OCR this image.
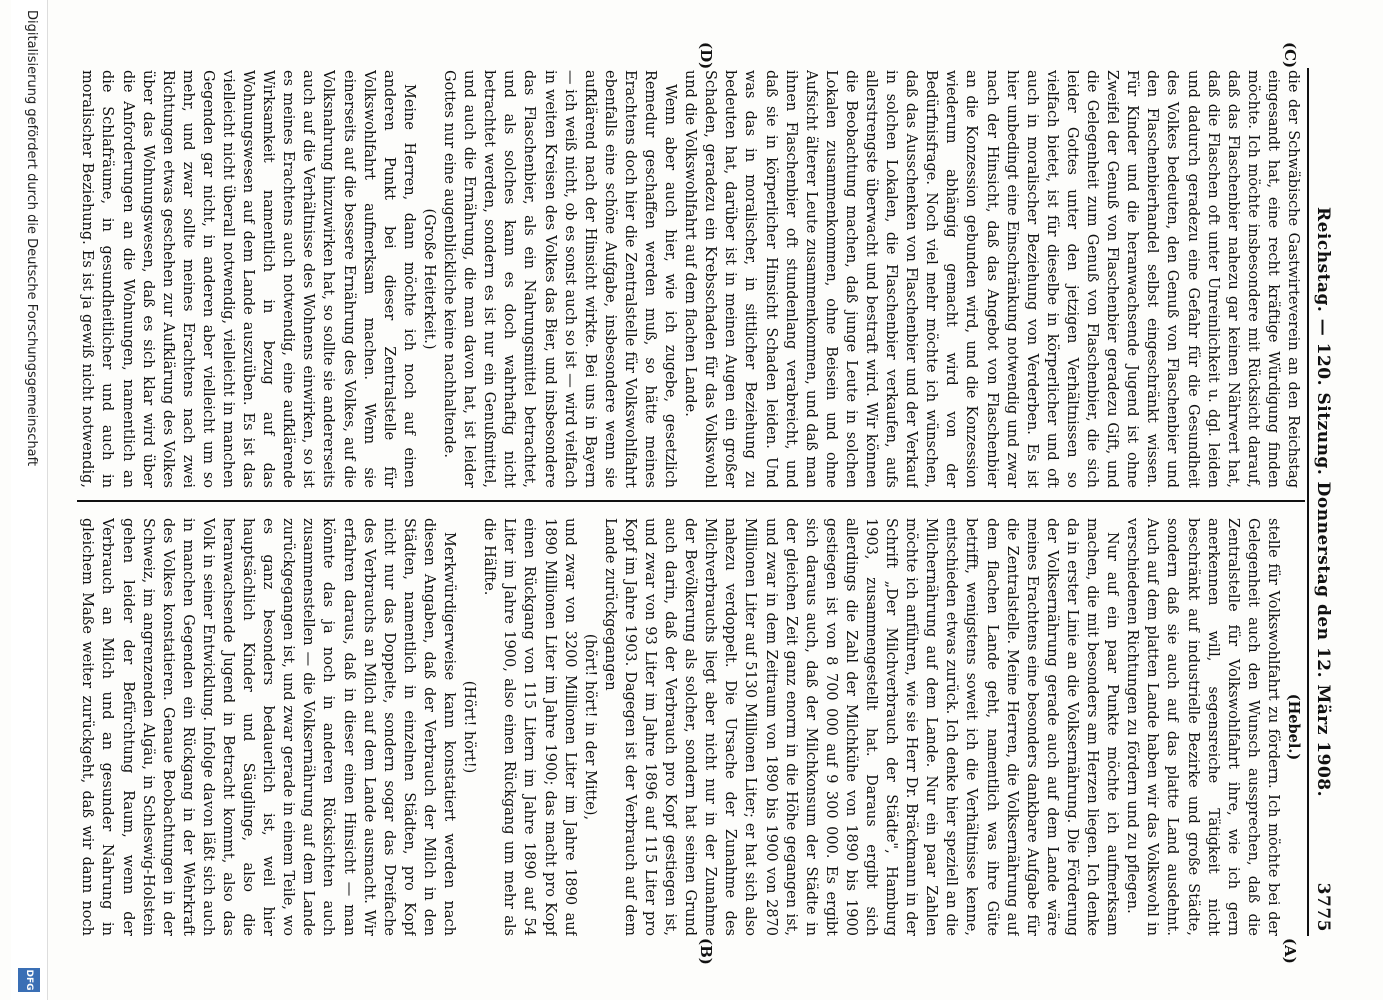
Reichstag. — 120. Sitzung. Donnerstag den 12. März 1908.
3775
(A)
(B)
(C)
(D)

(Hebel.)

stelle für Volkswohlfahrt zu fördern. Ich möchte bei der Gelegenheit auch den Wunsch aussprechen, daß die Zentralstelle für Volkswohlfahrt ihre, wie ich gern anerkennen will, segensreiche Tätigkeit nicht beschränkt auf industrielle Bezirke und große Städte, sondern daß sie auch auf das platte Land ausdehnt. Auch auf dem platten Lande haben wir das Volkswohl in verschiedenen Richtungen zu fördern und zu pflegen.

Nur auf ein paar Punkte möchte ich aufmerksam machen, die mit besonders am Herzen liegen. Ich denke da in erster Linie an die Volksernährung. Die Förderung der Volksernährung gerade auch auf dem Lande wäre meines Erachtens eine besonders dankbare Aufgabe für die Zentralstelle. Meine Herren, die Volksernährung auf dem flachen Lande geht, namentlich was ihre Güte betrifft, wenigstens soweit ich die Verhältnisse kenne, entschieden etwas zurück. Ich denke hier speziell an die Milchernährung auf dem Lande. Nur ein paar Zahlen möchte ich anführen, wie sie Herr Dr. Bräckmann in der Schrift „Der Milchverbrauch der Städte", Hamburg 1903, zusammengestellt hat. Daraus ergibt sich allerdings die Zahl der Milchkühe von 1890 bis 1900 gestiegen ist von 8 700 000 auf 9 300 000. Es ergibt sich daraus auch, daß der Milchkonsum der Städte in der gleichen Zeit ganz enorm in die Höhe gegangen ist, und zwar in dem Zeitraum von 1890 bis 1900 von 2870 Millionen Liter auf 5130 Millionen Liter; er hat sich also nahezu verdoppelt. Die Ursache der Zunahme des Milchverbrauchs liegt aber nicht nur in der Zunahme der Bevölkerung als solcher, sondern hat seinen Grund auch darin, daß der Verbrauch pro Kopf gestiegen ist, und zwar von 93 Liter im Jahre 1896 auf 115 Liter pro Kopf im Jahre 1903. Dagegen ist der Verbrauch auf dem Lande zurückgegangen

(hört! hört! in der Mitte),

und zwar von 3200 Millionen Liter im Jahre 1890 auf 1890 Millionen Liter im Jahre 1900; das macht pro Kopf einen Rückgang von 115 Litern im Jahre 1890 auf 54 Liter im Jahre 1900, also einen Rückgang um mehr als die Hälfte.

(Hört! hört!)

Merkwürdigerweise kann konstatiert werden nach diesen Angaben, daß der Verbrauch der Milch in den Städten, namentlich in einzelnen Städten, pro Kopf nicht nur das Doppelte, sondern sogar das Dreifache des Verbrauchs an Milch auf dem Lande ausmacht. Wir erfahren daraus, daß in dieser einen Hinsicht — man könnte das ja noch in anderen Rücksichten auch zusammenstellen — die Volksernährung auf dem Lande zurückgegangen ist, und zwar gerade in einem Teile, wo es ganz besonders bedauerlich ist, weil hier hauptsächlich Kinder und Säuglinge, also die heranwachsende Jugend in Betracht kommt, also das Volk in seiner Entwicklung. Infolge davon läßt sich auch in manchen Gegenden ein Rückgang in der Wehrkraft des Volkes konstatieren. Genaue Beobachtungen in der Schweiz, im angrenzenden Algäu, in Schleswig-Holstein gehen leider der Befürchtung Raum, wenn der Verbrauch an Milch und an gesunder Nahrung in gleichem Maße weiter zurückgeht, daß wir dann noch

die der Schwäbische Gastwirteverein an den Reichstag eingesandt hat, eine recht kräftige Würdigung finden möchte. Ich möchte insbesondere mit Rücksicht darauf, daß das Flaschenbier nahezu gar keinen Nährwert hat, daß die Flaschen oft unter Unreinlichkeit u. dgl. leiden und dadurch geradezu eine Gefahr für die Gesundheit des Volkes bedeuten, den Genuß von Flaschenbier und den Flaschenbierhandel selbst eingeschränkt wissen. Für Kinder und die heranwachsende Jugend ist ohne Zweifel der Genuß von Flaschenbier geradezu Gift, und die Gelegenheit zum Genuß von Flaschenbier, die sich leider Gottes unter den jetzigen Verhältnissen so vielfach bietet, ist für dieselbe in körperlicher und oft auch in moralischer Beziehung von Verderben. Es ist hier unbedingt eine Einschränkung notwendig und zwar nach der Hinsicht, daß das Angebot von Flaschenbier an die Konzession gebunden wird, und die Konzession wiederum abhängig gemacht wird von der Bedürfnisfrage. Noch viel mehr möchte ich wünschen, daß das Ausschenken von Flaschenbier und der Verkauf in solchen Lokalen, die Flaschenbier verkaufen, aufs allerstrengste überwacht und bestraft wird. Wir können die Beobachtung machen, daß junge Leute in solchen Lokalen zusammenkommen, ohne Beisein und ohne Aufsicht älterer Leute zusammenkommen, und daß man ihnen Flaschenbier oft stundenlang verabreicht, und daß sie in körperlicher Hinsicht Schaden leiden. Und was das in moralischer, in sittlicher Beziehung zu bedeuten hat, darüber ist in meinen Augen ein großer Schaden, geradezu ein Krebsschaden für das Volkswohl und die Volkswohlfahrt auf dem flachen Lande.

Wenn aber auch hier, wie ich zugebe, gesetzlich Remedur geschaffen werden muß, so hätte meines Erachtens doch hier die Zentralstelle für Volkswohlfahrt ebenfalls eine schöne Aufgabe, insbesondere wenn sie aufklärend nach der Hinsicht wirkte. Bei uns in Bayern — ich weiß nicht, ob es sonst auch so ist — wird vielfach in weiten Kreisen des Volkes das Bier, und insbesondere das Flaschenbier, als ein Nahrungsmittel betrachtet, und als solches kann es doch wahrhaftig nicht betrachtet werden, sondern es ist nur ein Genußmittel, und auch die Ernährung, die man davon hat, ist leider Gottes nur eine augenblickliche keine nachhaltende.

(Große Heiterkeit.)

Meine Herren, dann möchte ich noch auf einen anderen Punkt bei dieser Zentralstelle für Volkswohlfahrt aufmerksam machen. Wenn sie einerseits auf die bessere Ernährung des Volkes, auf die Volksnahrung hinzuwirken hat, so sollte sie andererseits auch auf die Verhältnisse des Wohnens einwirken, so ist es meines Erachtens auch notwendig, eine aufklärende Wirksamkeit namentlich in bezug auf das Wohnungswesen auf dem Lande auszuüben. Es ist das vielleicht nicht überall notwendig, vielleicht in manchen Gegenden gar nicht, in anderen aber vielleicht um so mehr, und zwar sollte meines Erachtens nach zwei Richtungen etwas geschehen zur Aufklärung des Volkes über das Wohnungswesen, daß es sich klar wird über die Anforderungen an die Wohnungen, namentlich an die Schlafräume, in gesundheitlicher und auch in moralischer Beziehung. Es ist ja gewiß nicht notwendig,

Digitalisierung gefördert durch die Deutsche Forschungsgemeinschaft
DFG
